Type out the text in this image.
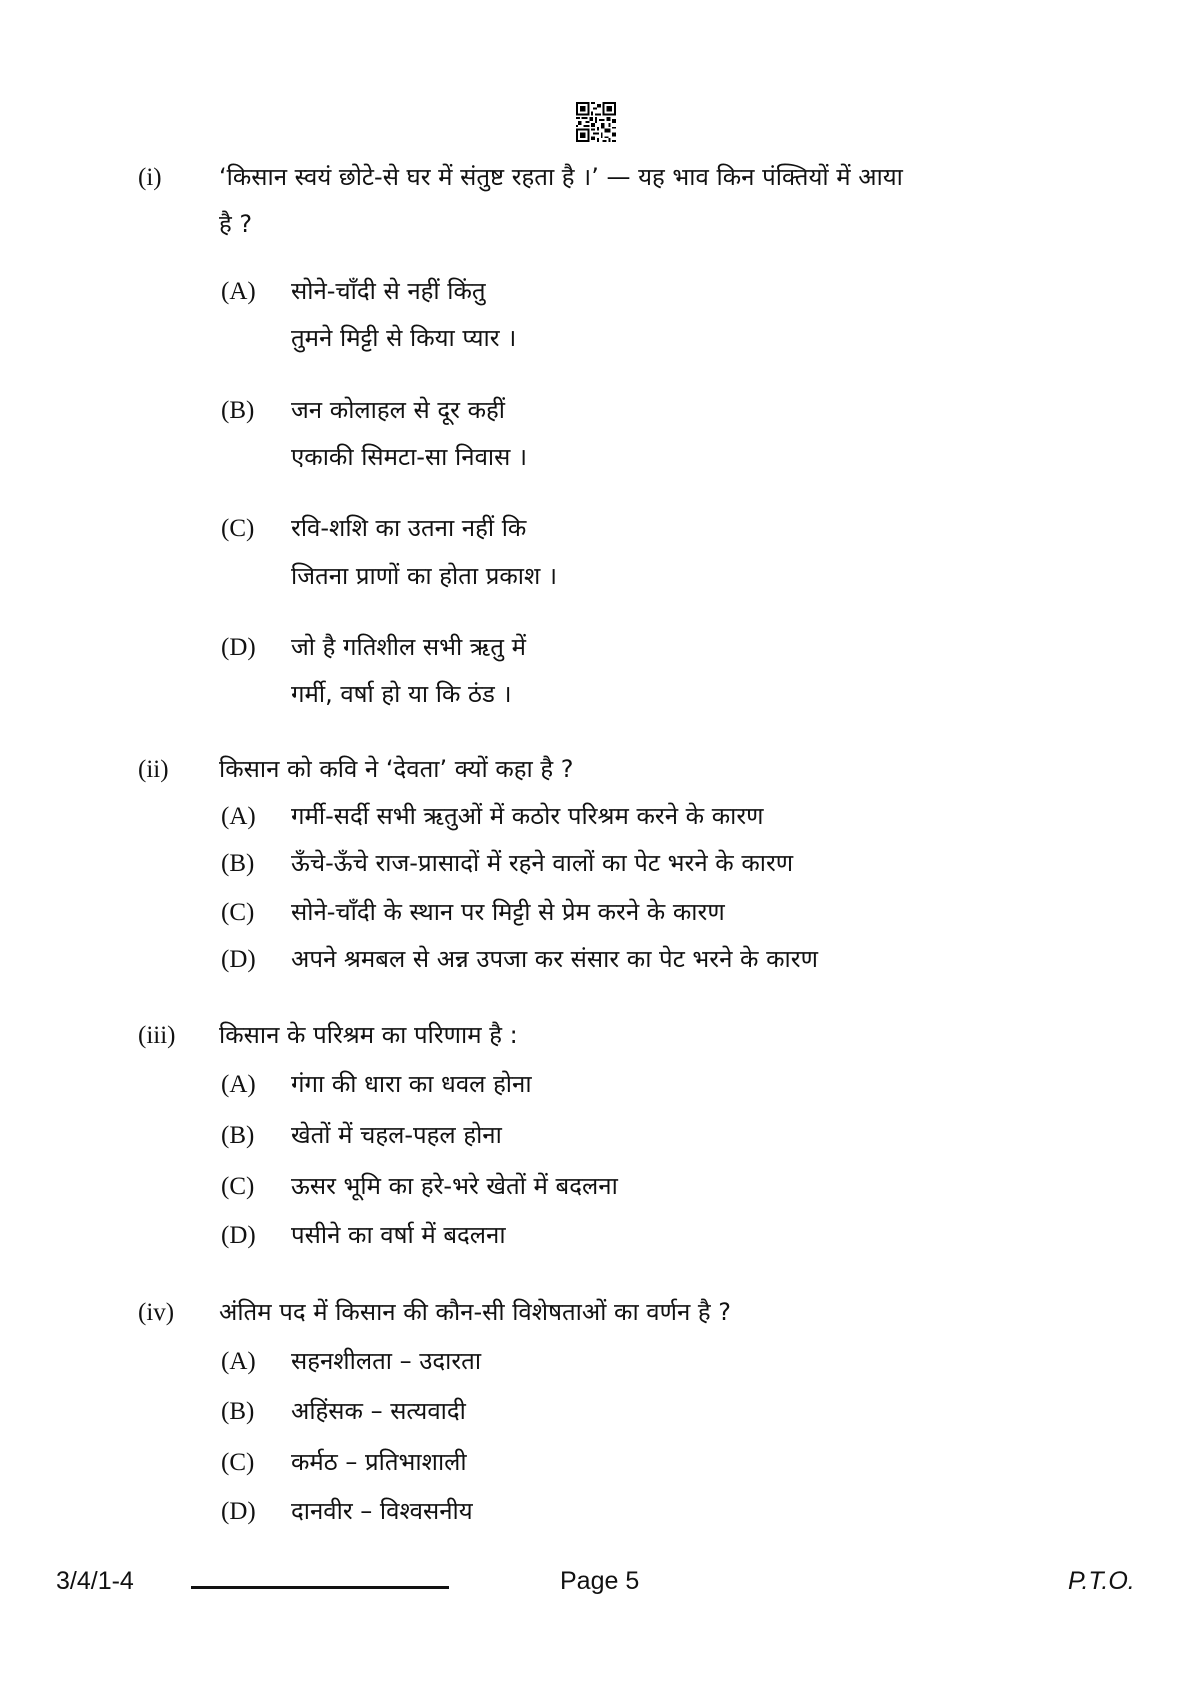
(i) ‘किसान स्वयं छोटे-से घर में संतुष्ट रहता है ।’ — यह भाव किन पंक्तियों में आया
है ?
(A) सोने-चाँदी से नहीं किंतु
तुमने मिट्टी से किया प्यार ।
(B) जन कोलाहल से दूर कहीं
एकाकी सिमटा-सा निवास ।
(C) रवि-शशि का उतना नहीं कि
जितना प्राणों का होता प्रकाश ।
(D) जो है गतिशील सभी ऋतु में
गर्मी, वर्षा हो या कि ठंड ।
(ii) किसान को कवि ने ‘देवता’ क्यों कहा है ?
(A) गर्मी-सर्दी सभी ऋतुओं में कठोर परिश्रम करने के कारण
(B) ऊँचे-ऊँचे राज-प्रासादों में रहने वालों का पेट भरने के कारण
(C) सोने-चाँदी के स्थान पर मिट्टी से प्रेम करने के कारण
(D) अपने श्रमबल से अन्न उपजा कर संसार का पेट भरने के कारण
(iii) किसान के परिश्रम का परिणाम है :
(A) गंगा की धारा का धवल होना
(B) खेतों में चहल-पहल होना
(C) ऊसर भूमि का हरे-भरे खेतों में बदलना
(D) पसीने का वर्षा में बदलना
(iv) अंतिम पद में किसान की कौन-सी विशेषताओं का वर्णन है ?
(A) सहनशीलता – उदारता
(B) अहिंसक – सत्यवादी
(C) कर्मठ – प्रतिभाशाली
(D) दानवीर – विश्वसनीय
3/4/1-4	Page 5	P.T.O.
